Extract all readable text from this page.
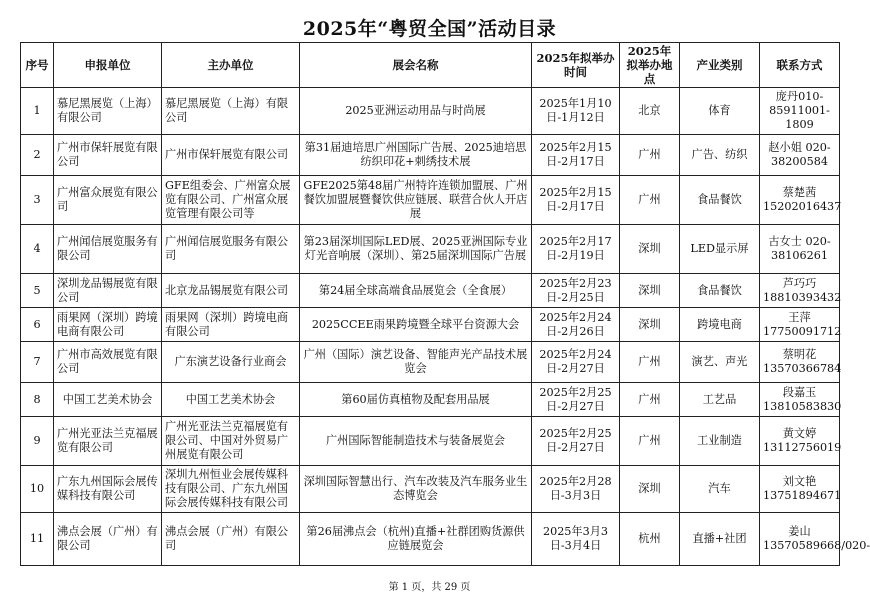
2025年“粤贸全国”活动目录
序号	申报单位	主办单位	展会名称	2025年拟举办时间	2025年拟举办地点	产业类别	联系方式
1	慕尼黑展览（上海）有限公司	慕尼黑展览（上海）有限公司	2025亚洲运动用品与时尚展	2025年1月10日-1月12日	北京	体育	庞丹010-85911001-1809
2	广州市保轩展览有限公司	广州市保轩展览有限公司	第31届迪培思广州国际广告展、2025迪培思纺织印花+刺绣技术展	2025年2月15日-2月17日	广州	广告、纺织	赵小姐 020-38200584
3	广州富众展览有限公司	GFE组委会、广州富众展览有限公司、广州富众展览管理有限公司等	GFE2025第48届广州特许连锁加盟展、广州餐饮加盟展暨餐饮供应链展、联营合伙人开店展	2025年2月15日-2月17日	广州	食品餐饮	蔡楚茜15202016437
4	广州闻信展览服务有限公司	广州闻信展览服务有限公司	第23届深圳国际LED展、2025亚洲国际专业灯光音响展（深圳）、第25届深圳国际广告展	2025年2月17日-2月19日	深圳	LED显示屏	古女士 020-38106261
5	深圳龙品锡展览有限公司	北京龙品锡展览有限公司	第24届全球高端食品展览会（全食展）	2025年2月23日-2月25日	深圳	食品餐饮	芦巧巧18810393432
6	雨果网（深圳）跨境电商有限公司	雨果网（深圳）跨境电商有限公司	2025CCEE雨果跨境暨全球平台资源大会	2025年2月24日-2月26日	深圳	跨境电商	王萍17750091712
7	广州市高效展览有限公司	广东演艺设备行业商会	广州（国际）演艺设备、智能声光产品技术展览会	2025年2月24日-2月27日	广州	演艺、声光	蔡明花13570366784
8	中国工艺美术协会	中国工艺美术协会	第60届仿真植物及配套用品展	2025年2月25日-2月27日	广州	工艺品	段嘉玉13810583830
9	广州光亚法兰克福展览有限公司	广州光亚法兰克福展览有限公司、中国对外贸易广州展览有限公司	广州国际智能制造技术与装备展览会	2025年2月25日-2月27日	广州	工业制造	黄文婷13112756019
10	广东九州国际会展传媒科技有限公司	深圳九州恒业会展传媒科技有限公司、广东九州国际会展传媒科技有限公司	深圳国际智慧出行、汽车改装及汽车服务业生态博览会	2025年2月28日-3月3日	深圳	汽车	刘文艳13751894671
11	沸点会展（广州）有限公司	沸点会展（广州）有限公司	第26届沸点会（杭州)直播+社群团购货源供应链展览会	2025年3月3日-3月4日	杭州	直播+社团	姜山13570589668/020-
第 1 页，共 29 页
